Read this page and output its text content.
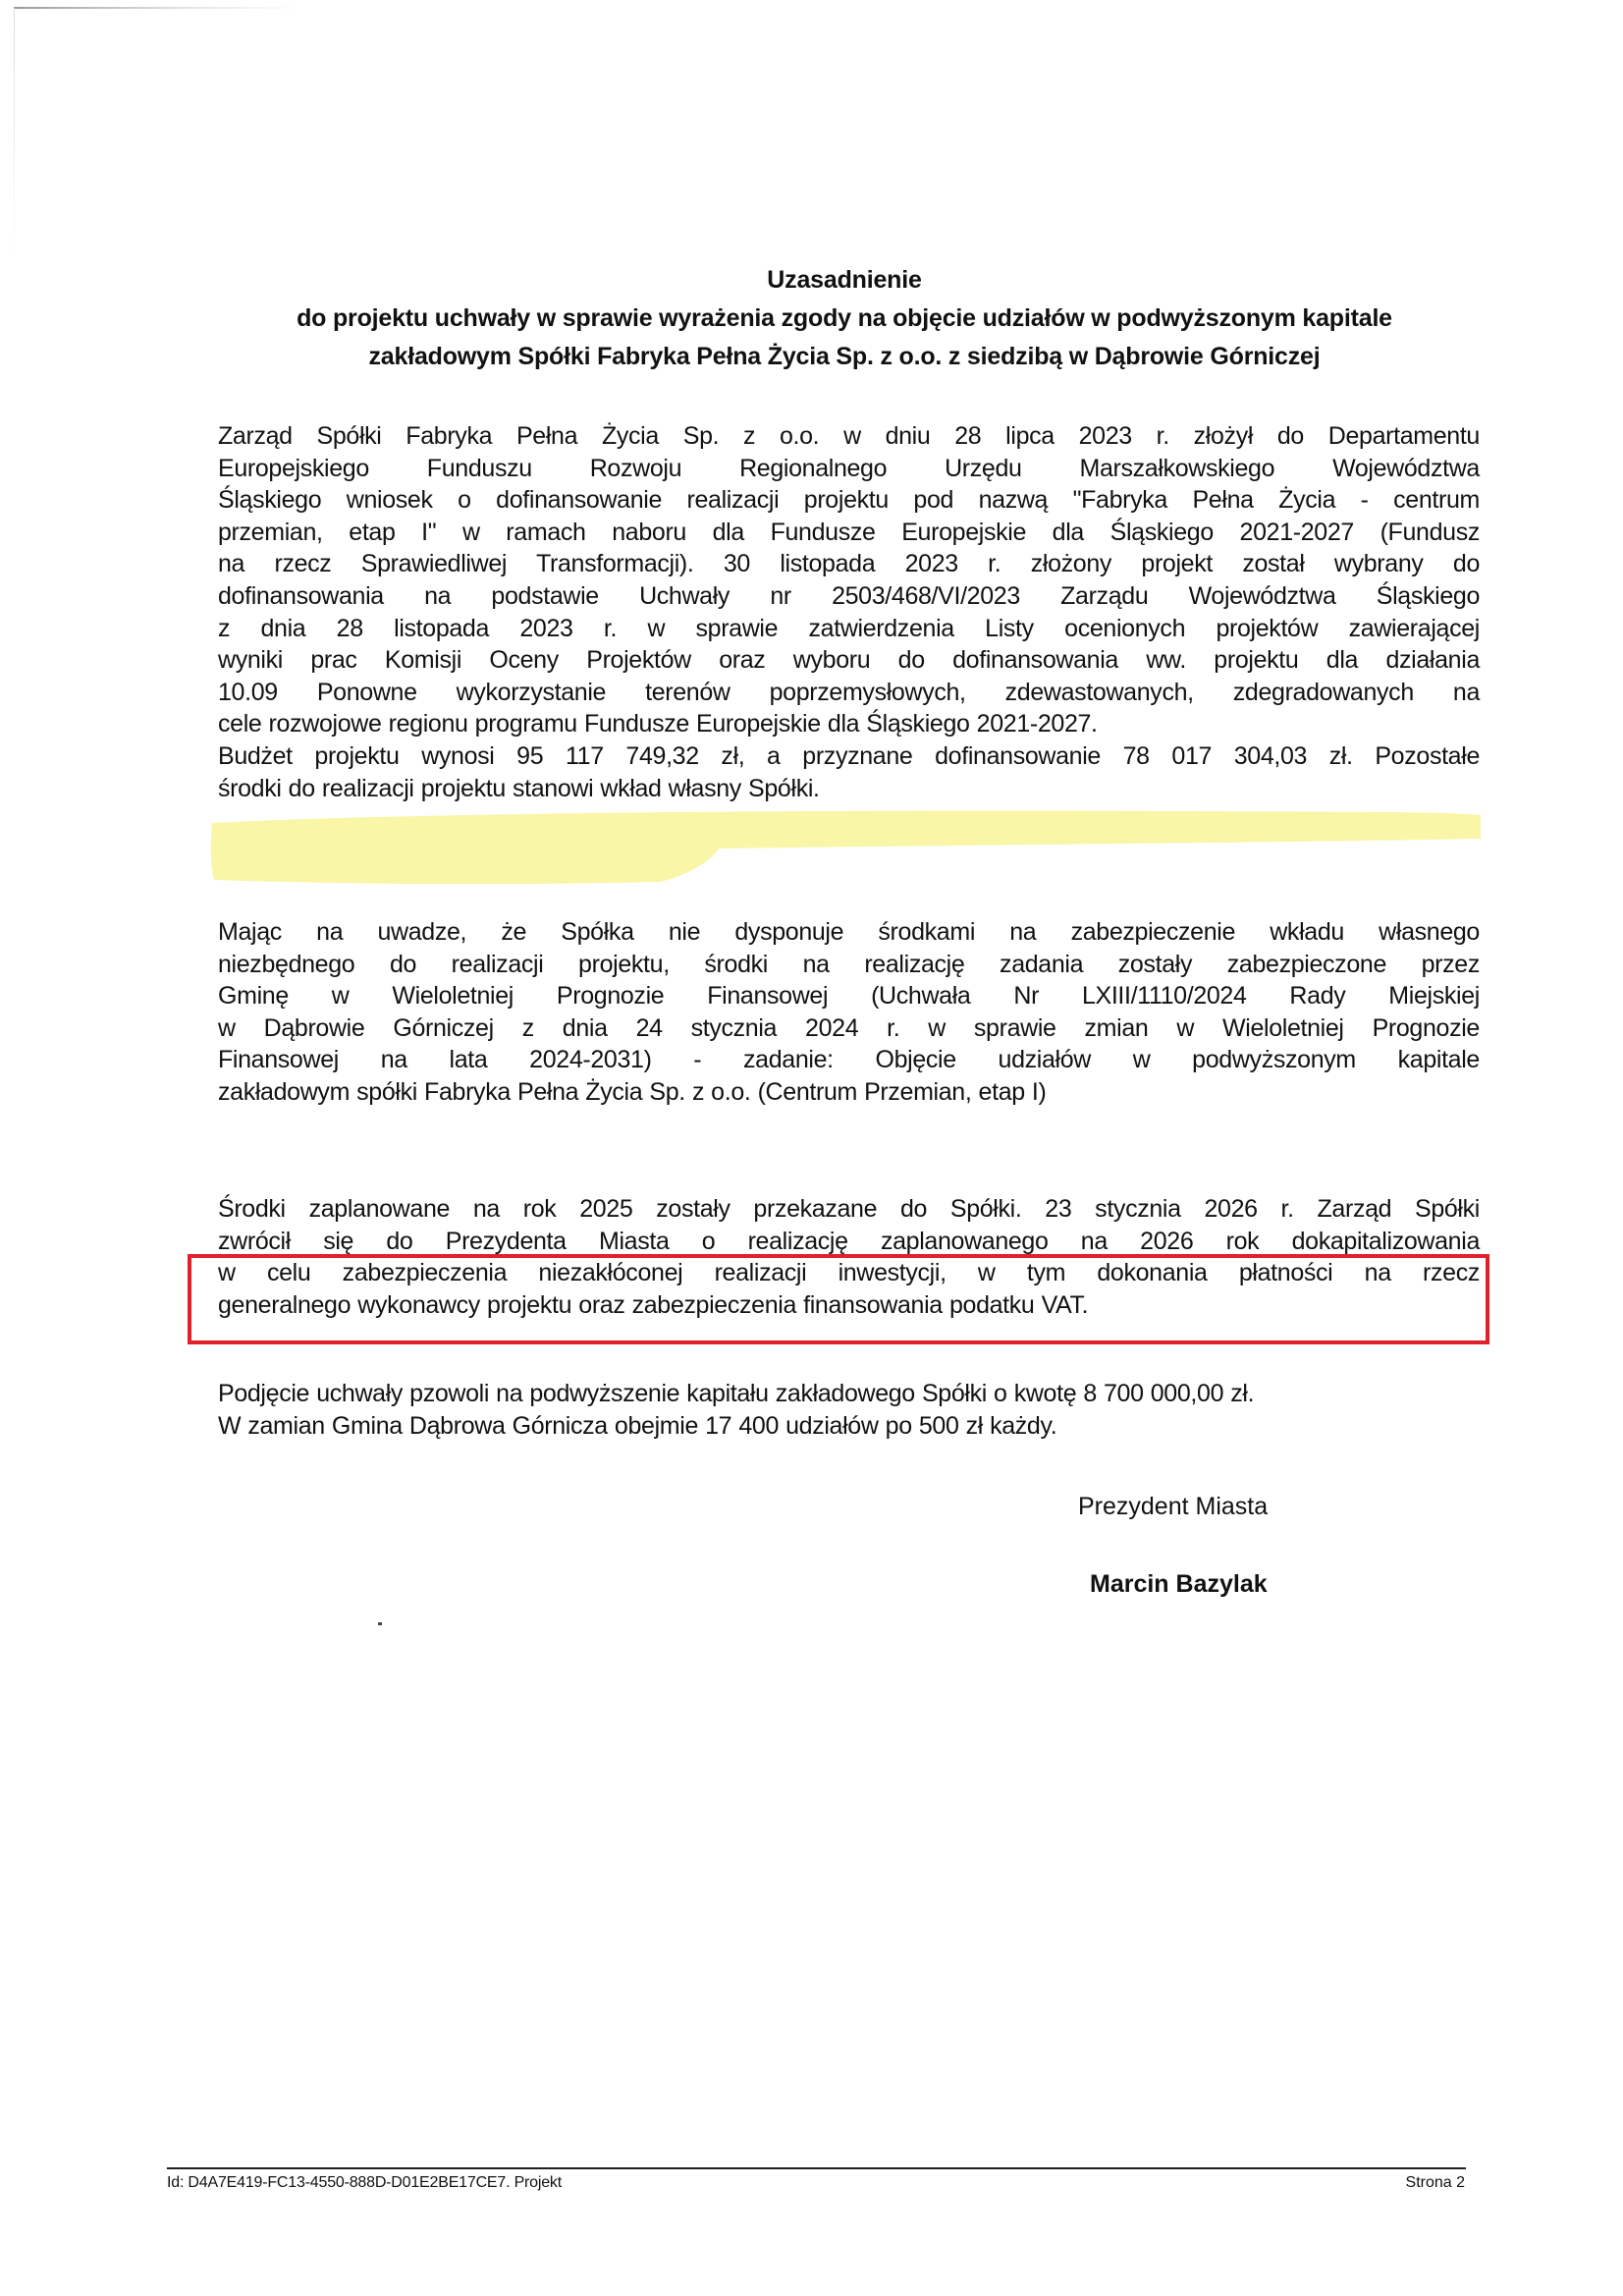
Uzasadnienie
do projektu uchwały w sprawie wyrażenia zgody na objęcie udziałów w podwyższonym kapitale
zakładowym Spółki Fabryka Pełna Życia Sp. z o.o. z siedzibą w Dąbrowie Górniczej
Zarząd Spółki Fabryka Pełna Życia Sp. z o.o. w dniu 28 lipca 2023 r. złożył do Departamentu
Europejskiego Funduszu Rozwoju Regionalnego Urzędu Marszałkowskiego Województwa
Śląskiego wniosek o dofinansowanie realizacji projektu pod nazwą "Fabryka Pełna Życia - centrum
przemian, etap I" w ramach naboru dla Fundusze Europejskie dla Śląskiego 2021-2027 (Fundusz
na rzecz Sprawiedliwej Transformacji). 30 listopada 2023 r. złożony projekt został wybrany do
dofinansowania na podstawie Uchwały nr 2503/468/VI/2023 Zarządu Województwa Śląskiego
z dnia 28 listopada 2023 r. w sprawie zatwierdzenia Listy ocenionych projektów zawierającej
wyniki prac Komisji Oceny Projektów oraz wyboru do dofinansowania ww. projektu dla działania
10.09 Ponowne wykorzystanie terenów poprzemysłowych, zdewastowanych, zdegradowanych na
cele rozwojowe regionu programu Fundusze Europejskie dla Śląskiego 2021-2027.
Budżet projektu wynosi 95 117 749,32 zł, a przyznane dofinansowanie 78 017 304,03 zł. Pozostałe
środki do realizacji projektu stanowi wkład własny Spółki.
Mając na uwadze, że Spółka nie dysponuje środkami na zabezpieczenie wkładu własnego
niezbędnego do realizacji projektu, środki na realizację zadania zostały zabezpieczone przez
Gminę w Wieloletniej Prognozie Finansowej (Uchwała Nr LXIII/1110/2024 Rady Miejskiej
w Dąbrowie Górniczej z dnia 24 stycznia 2024 r. w sprawie zmian w Wieloletniej Prognozie
Finansowej na lata 2024-2031) - zadanie: Objęcie udziałów w podwyższonym kapitale
zakładowym spółki Fabryka Pełna Życia Sp. z o.o. (Centrum Przemian, etap I)
Środki zaplanowane na rok 2025 zostały przekazane do Spółki. 23 stycznia 2026 r. Zarząd Spółki
zwrócił się do Prezydenta Miasta o realizację zaplanowanego na 2026 rok dokapitalizowania
w celu zabezpieczenia niezakłóconej realizacji inwestycji, w tym dokonania płatności na rzecz
generalnego wykonawcy projektu oraz zabezpieczenia finansowania podatku VAT.
Podjęcie uchwały pzowoli na podwyższenie kapitału zakładowego Spółki o kwotę 8 700 000,00 zł.
W zamian Gmina Dąbrowa Górnicza obejmie 17 400 udziałów po 500 zł każdy.
Prezydent Miasta
Marcin Bazylak
Id: D4A7E419-FC13-4550-888D-D01E2BE17CE7. Projekt	Strona 2
